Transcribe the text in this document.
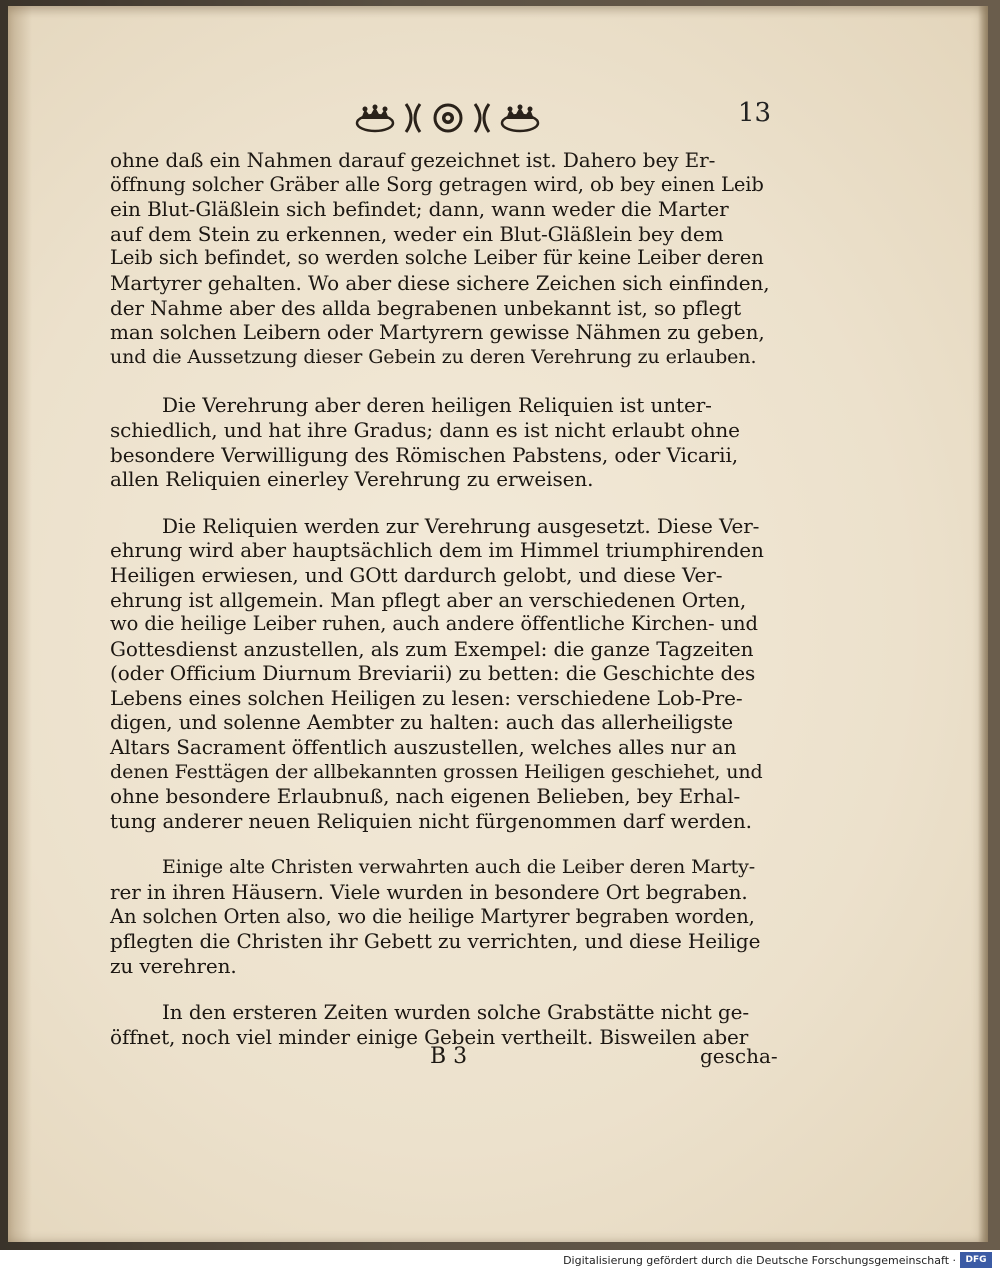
13

ohne daß ein Nahmen darauf gezeichnet ist. Dahero bey Er-
öffnung solcher Gräber alle Sorg getragen wird, ob bey einen Leib
ein Blut-Gläßlein sich befindet; dann, wann weder die Marter
auf dem Stein zu erkennen, weder ein Blut-Gläßlein bey dem
Leib sich befindet, so werden solche Leiber für keine Leiber deren
Martyrer gehalten. Wo aber diese sichere Zeichen sich einfinden,
der Nahme aber des allda begrabenen unbekannt ist, so pflegt
man solchen Leibern oder Martyrern gewisse Nähmen zu geben,
und die Aussetzung dieser Gebein zu deren Verehrung zu erlauben.

Die Verehrung aber deren heiligen Reliquien ist unter-
schiedlich, und hat ihre Gradus; dann es ist nicht erlaubt ohne
besondere Verwilligung des Römischen Pabstens, oder Vicarii,
allen Reliquien einerley Verehrung zu erweisen.

Die Reliquien werden zur Verehrung ausgesetzt. Diese Ver-
ehrung wird aber hauptsächlich dem im Himmel triumphirenden
Heiligen erwiesen, und GOtt dardurch gelobt, und diese Ver-
ehrung ist allgemein. Man pflegt aber an verschiedenen Orten,
wo die heilige Leiber ruhen, auch andere öffentliche Kirchen- und
Gottesdienst anzustellen, als zum Exempel: die ganze Tagzeiten
(oder Officium Diurnum Breviarii) zu betten: die Geschichte des
Lebens eines solchen Heiligen zu lesen: verschiedene Lob-Pre-
digen, und solenne Aembter zu halten: auch das allerheiligste
Altars Sacrament öffentlich auszustellen, welches alles nur an
denen Festtägen der allbekannten grossen Heiligen geschiehet, und
ohne besondere Erlaubnuß, nach eigenen Belieben, bey Erhal-
tung anderer neuen Reliquien nicht fürgenommen darf werden.

Einige alte Christen verwahrten auch die Leiber deren Marty-
rer in ihren Häusern. Viele wurden in besondere Ort begraben.
An solchen Orten also, wo die heilige Martyrer begraben worden,
pflegten die Christen ihr Gebett zu verrichten, und diese Heilige
zu verehren.

In den ersteren Zeiten wurden solche Grabstätte nicht ge-
öffnet, noch viel minder einige Gebein vertheilt. Bisweilen aber

B 3	gescha-
Digitalisierung gefördert durch die Deutsche Forschungsgemeinschaft ·	DFG
